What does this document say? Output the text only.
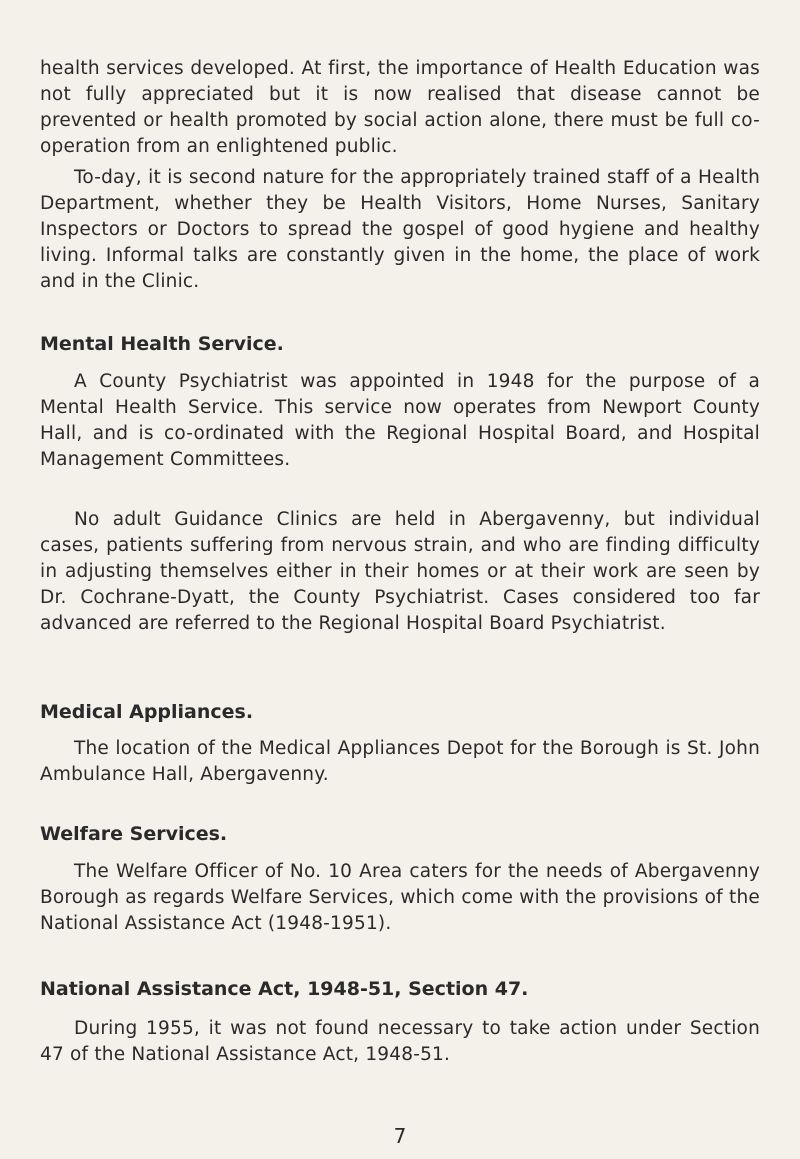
health services developed. At first, the importance of Health Education was not fully appreciated but it is now realised that disease cannot be prevented or health promoted by social action alone, there must be full co-operation from an enlightened public.

To-day, it is second nature for the appropriately trained staff of a Health Department, whether they be Health Visitors, Home Nurses, Sanitary Inspectors or Doctors to spread the gospel of good hygiene and healthy living. Informal talks are constantly given in the home, the place of work and in the Clinic.

Mental Health Service.

A County Psychiatrist was appointed in 1948 for the purpose of a Mental Health Service. This service now operates from Newport County Hall, and is co-ordinated with the Regional Hospital Board, and Hospital Management Committees.

No adult Guidance Clinics are held in Abergavenny, but individual cases, patients suffering from nervous strain, and who are finding difficulty in adjusting themselves either in their homes or at their work are seen by Dr. Cochrane-Dyatt, the County Psychiatrist. Cases considered too far advanced are referred to the Regional Hospital Board Psychiatrist.

Medical Appliances.

The location of the Medical Appliances Depot for the Borough is St. John Ambulance Hall, Abergavenny.

Welfare Services.

The Welfare Officer of No. 10 Area caters for the needs of Abergavenny Borough as regards Welfare Services, which come with the provisions of the National Assistance Act (1948-1951).

National Assistance Act, 1948-51, Section 47.

During 1955, it was not found necessary to take action under Section 47 of the National Assistance Act, 1948-51.

7
